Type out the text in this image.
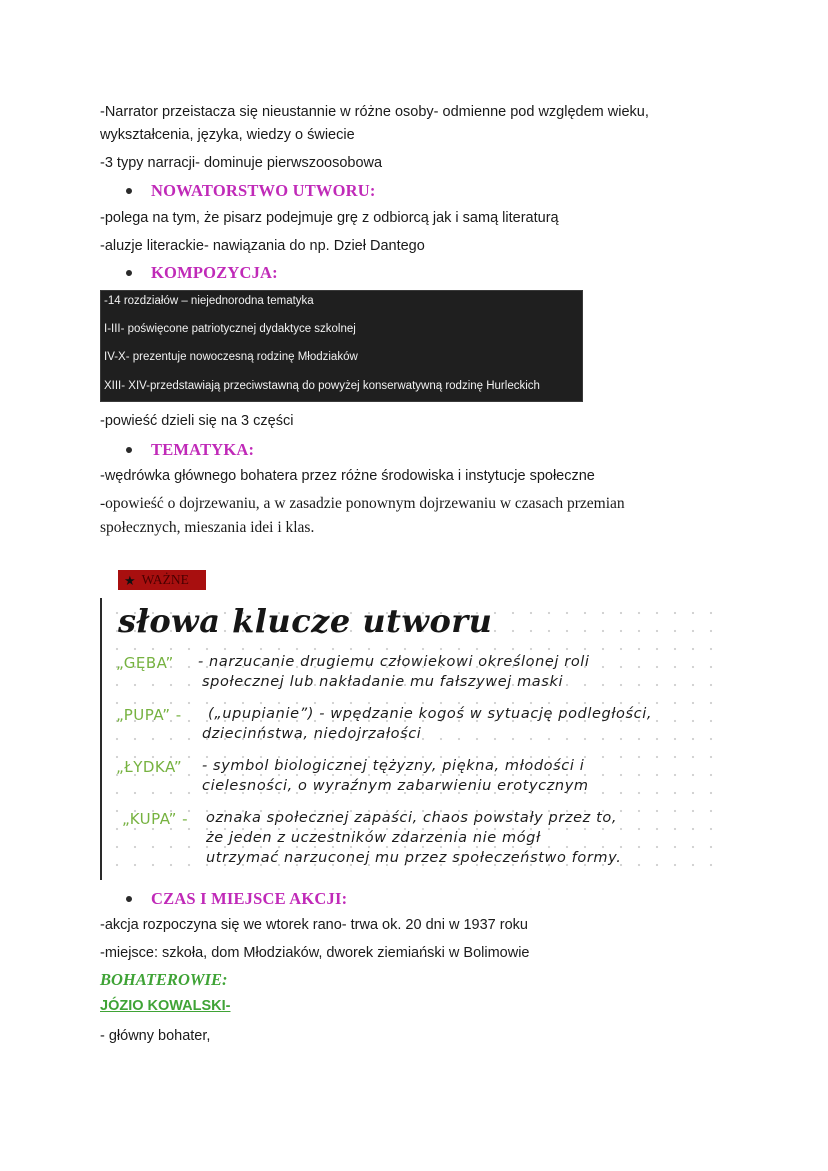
-Narrator przeistacza się nieustannie w różne osoby- odmienne pod względem wieku,
wykształcenia, języka, wiedzy o świecie
-3 typy narracji- dominuje pierwszoosobowa
NOWATORSTWO UTWORU:
-polega na tym, że pisarz podejmuje grę z odbiorcą jak i samą literaturą
-aluzje literackie- nawiązania do np. Dzieł Dantego
KOMPOZYCJA:
-14 rozdziałów – niejednorodna tematyka
I-III- poświęcone patriotycznej dydaktyce szkolnej
IV-X- prezentuje nowoczesną rodzinę Młodziaków
XIII- XIV-przedstawiają przeciwstawną do powyżej konserwatywną rodzinę Hurleckich
-powieść dzieli się na 3 części
TEMATYKA:
-wędrówka głównego bohatera przez różne środowiska i instytucje społeczne
-opowieść o dojrzewaniu, a w zasadzie ponownym dojrzewaniu w czasach przemian
społecznych, mieszania idei i klas.
★ WAŻNE
słowa klucze utworu
„GĘBA” - narzucanie drugiemu człowiekowi określonej roli
społecznej lub nakładanie mu fałszywej maski
„PUPA” - („upupianie”) - wpędzanie kogoś w sytuację podległości,
dziecinństwa, niedojrzałości
„ŁYDKA” - symbol biologicznej tężyzny, piękna, młodości i
cielesności, o wyraźnym zabarwieniu erotycznym
„KUPA” - oznaka społecznej zapaści, chaos powstały przez to,
że jeden z uczestników zdarzenia nie mógł
utrzymać narzuconej mu przez społeczeństwo formy.
CZAS I MIEJSCE AKCJI:
-akcja rozpoczyna się we wtorek rano- trwa ok. 20 dni w 1937 roku
-miejsce: szkoła, dom Młodziaków, dworek ziemiański w Bolimowie
BOHATEROWIE:
JÓZIO KOWALSKI-
- główny bohater,
